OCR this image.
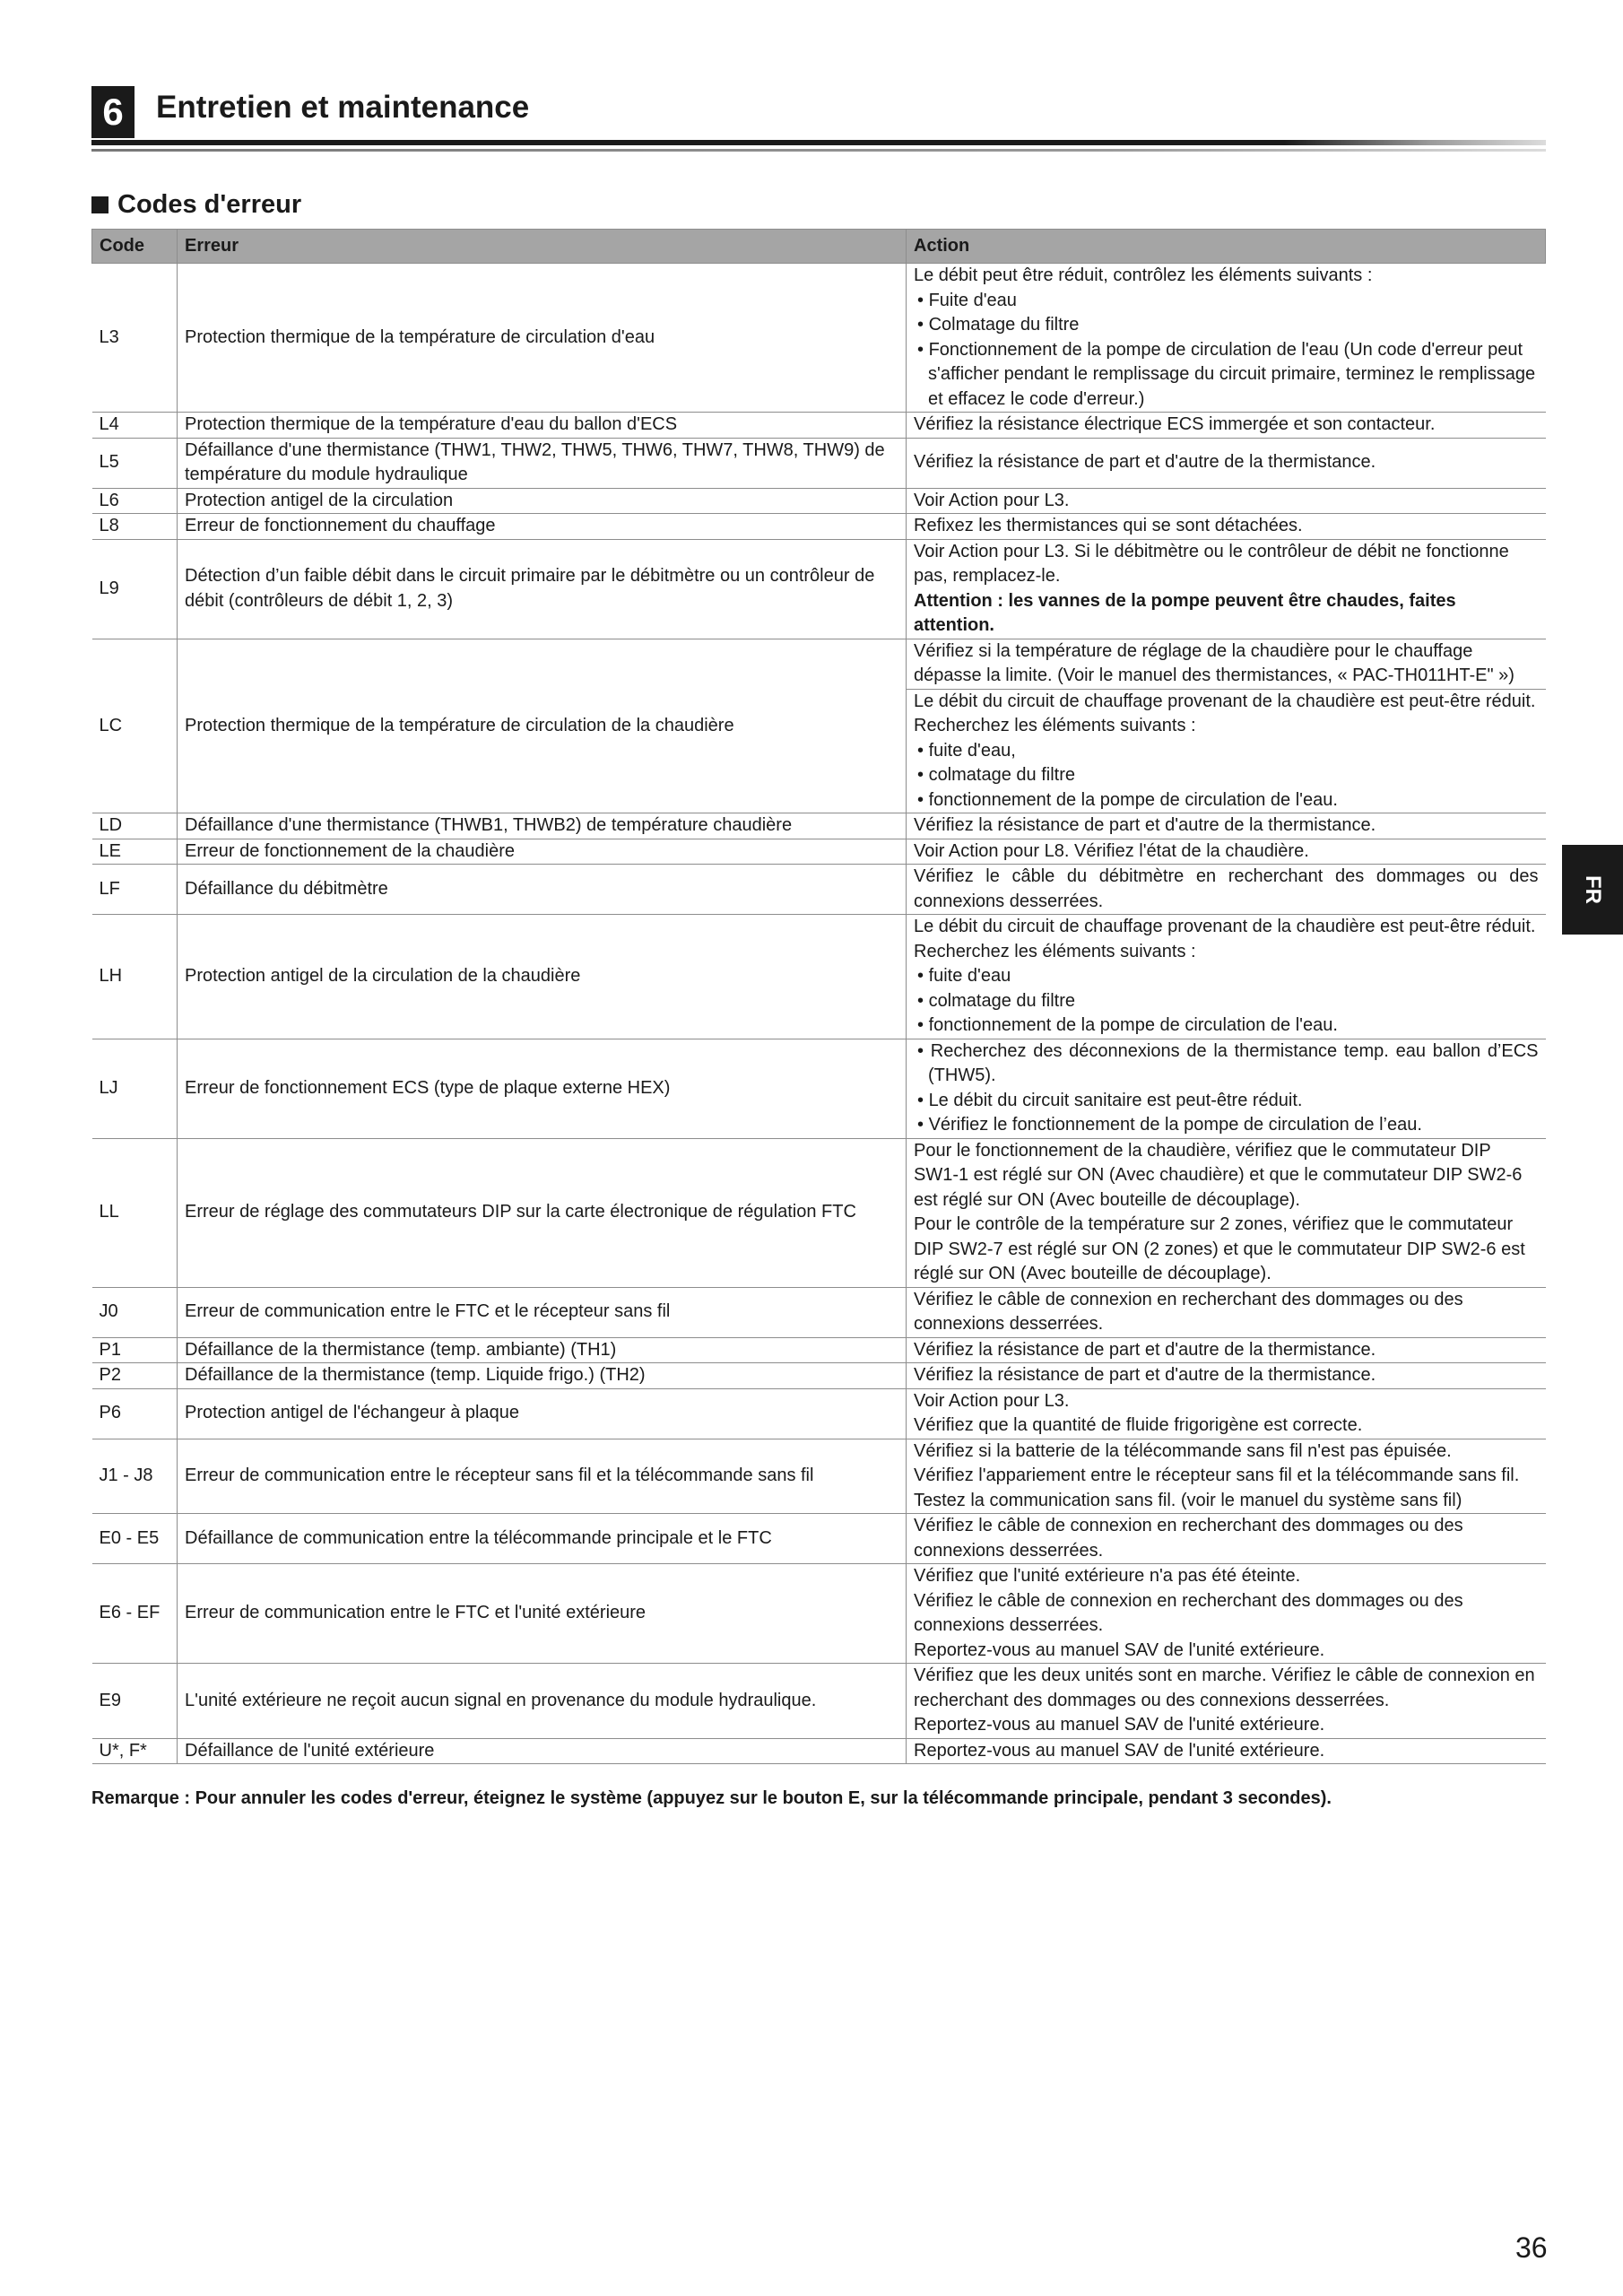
6	Entretien et maintenance
Codes d'erreur
Code	Erreur	Action
L3	Protection thermique de la température de circulation d'eau	Le débit peut être réduit, contrôlez les éléments suivants :
• Fuite d'eau
• Colmatage du filtre
• Fonctionnement de la pompe de circulation de l'eau (Un code d'erreur peut s'afficher pendant le remplissage du circuit primaire, terminez le remplissage et effacez le code d'erreur.)

L4	Protection thermique de la température d'eau du ballon d'ECS	Vérifiez la résistance électrique ECS immergée et son contacteur.
L5	Défaillance d'une thermistance (THW1, THW2, THW5, THW6, THW7, THW8, THW9) de température du module hydraulique	Vérifiez la résistance de part et d'autre de la thermistance.
L6	Protection antigel de la circulation	Voir Action pour L3.
L8	Erreur de fonctionnement du chauffage	Refixez les thermistances qui se sont détachées.
L9	Détection d’un faible débit dans le circuit primaire par le débitmètre ou un contrôleur de débit (contrôleurs de débit 1, 2, 3)	Voir Action pour L3. Si le débitmètre ou le contrôleur de débit ne fonctionne pas, remplacez-le.
Attention : les vannes de la pompe peuvent être chaudes, faites attention.

LC	Protection thermique de la température de circulation de la chaudière	Vérifiez si la température de réglage de la chaudière pour le chauffage dépasse la limite. (Voir le manuel des thermistances, « PAC-TH011HT-E" »)
Le débit du circuit de chauffage provenant de la chaudière est peut-être réduit. Recherchez les éléments suivants :
• fuite d'eau,
• colmatage du filtre
• fonctionnement de la pompe de circulation de l'eau.

LD	Défaillance d'une thermistance (THWB1, THWB2) de température chaudière	Vérifiez la résistance de part et d'autre de la thermistance.
LE	Erreur de fonctionnement de la chaudière	Voir Action pour L8. Vérifiez l'état de la chaudière.
LF	Défaillance du débitmètre	Vérifiez le câble du débitmètre en recherchant des dommages ou des connexions desserrées.
LH	Protection antigel de la circulation de la chaudière	Le débit du circuit de chauffage provenant de la chaudière est peut-être réduit. Recherchez les éléments suivants :
• fuite d'eau
• colmatage du filtre
• fonctionnement de la pompe de circulation de l'eau.

LJ	Erreur de fonctionnement ECS (type de plaque externe HEX)	• Recherchez des déconnexions de la thermistance temp. eau ballon d’ECS (THW5).
• Le débit du circuit sanitaire est peut-être réduit.
• Vérifiez le fonctionnement de la pompe de circulation de l’eau.

LL	Erreur de réglage des commutateurs DIP sur la carte électronique de régulation FTC	Pour le fonctionnement de la chaudière, vérifiez que le commutateur DIP SW1-1 est réglé sur ON (Avec chaudière) et que le commutateur DIP SW2-6 est réglé sur ON (Avec bouteille de découplage).
Pour le contrôle de la température sur 2 zones, vérifiez que le commutateur DIP SW2-7 est réglé sur ON (2 zones) et que le commutateur DIP SW2-6 est réglé sur ON (Avec bouteille de découplage).

J0	Erreur de communication entre le FTC et le récepteur sans fil	Vérifiez le câble de connexion en recherchant des dommages ou des connexions desserrées.
P1	Défaillance de la thermistance (temp. ambiante) (TH1)	Vérifiez la résistance de part et d'autre de la thermistance.
P2	Défaillance de la thermistance (temp. Liquide frigo.) (TH2)	Vérifiez la résistance de part et d'autre de la thermistance.
P6	Protection antigel de l'échangeur à plaque	Voir Action pour L3.
Vérifiez que la quantité de fluide frigorigène est correcte.

J1 - J8	Erreur de communication entre le récepteur sans fil et la télécommande sans fil	Vérifiez si la batterie de la télécommande sans fil n'est pas épuisée.
Vérifiez l'appariement entre le récepteur sans fil et la télécommande sans fil.
Testez la communication sans fil. (voir le manuel du système sans fil)

E0 - E5	Défaillance de communication entre la télécommande principale et le FTC	Vérifiez le câble de connexion en recherchant des dommages ou des connexions desserrées.
E6 - EF	Erreur de communication entre le FTC et l'unité extérieure	Vérifiez que l'unité extérieure n'a pas été éteinte.
Vérifiez le câble de connexion en recherchant des dommages ou des connexions desserrées.
Reportez-vous au manuel SAV de l'unité extérieure.

E9	L'unité extérieure ne reçoit aucun signal en provenance du module hydraulique.	Vérifiez que les deux unités sont en marche. Vérifiez le câble de connexion en recherchant des dommages ou des connexions desserrées.
Reportez-vous au manuel SAV de l'unité extérieure.

U*, F*	Défaillance de l'unité extérieure	Reportez-vous au manuel SAV de l'unité extérieure.
Remarque : Pour annuler les codes d'erreur, éteignez le système (appuyez sur le bouton E, sur la télécommande principale, pendant 3 secondes).
FR
36
